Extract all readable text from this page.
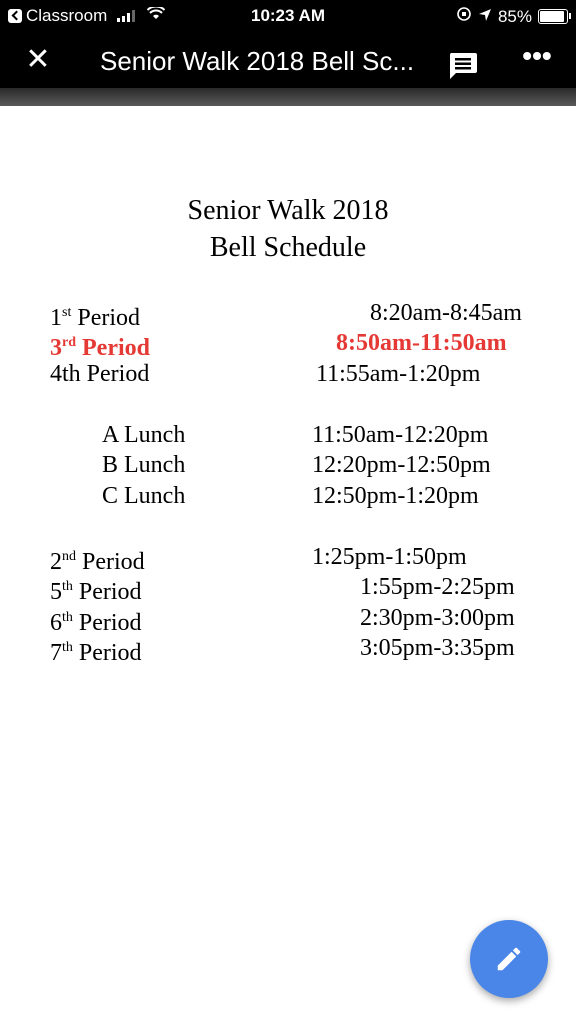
Classroom	10:23 AM	85%
✕ Senior Walk 2018 Bell Sc...	•••
Senior Walk 2018
Bell Schedule
1st Period	8:20am-8:45am
3rd Period	8:50am-11:50am
4th Period	11:55am-1:20pm
A Lunch	11:50am-12:20pm
B Lunch	12:20pm-12:50pm
C Lunch	12:50pm-1:20pm
2nd Period	1:25pm-1:50pm
5th Period	1:55pm-2:25pm
6th Period	2:30pm-3:00pm
7th Period	3:05pm-3:35pm
